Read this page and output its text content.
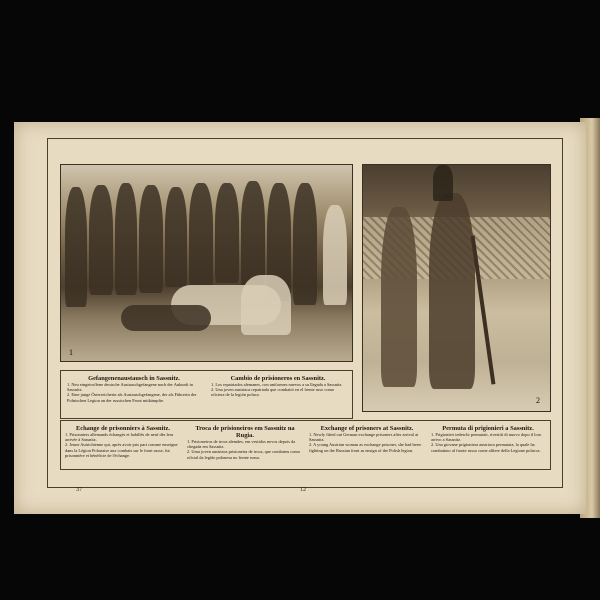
1
2
Gefangenenaustausch in Sassnitz.
1. Neu eingetroffene deutsche Austauschgefangene nach der Ankunft in Sassnitz.
2. Eine junge Österreicherin als Austauschgefangene, der als Führerin der Polnischen Legion an der russischen Front mitkämpfte.
Cambio de prisioneros en Sassnitz.
1. Los repatriados alemanes, con uniformes nuevos a su llegada a Sassnitz.
2. Una joven austriaca repatriada que combatió en el frente ruso como oficiera de la legión polaca.
Echange de prisonniers à Sassnitz.
1. Prisonniers allemands échangés et habillés de neuf dès leur arrivée à Sassnitz.
2. Jeune Autrichienne qui, après avoir pris part comme enseigne dans la Légion Polonaise aux combats sur le front russe, fut prisonnière et bénéficie de l'échange.
Troca de prisioneiros em Sassnitz na Rugia.
1. Prisioneiros de troca alemães, em vestidos novos depois da chegada em Sassnitz.
2. Uma joven austriaca prisioneira de troca, que combateu como oficial da legião polonesa no frente russo.
Exchange of prisoners at Sassnitz.
1. Newly fitted out German exchange prisoners after arrival at Sassnitz.
2. A young Austrian woman as exchange prisoner, she had been fighting on the Russian front as ensign of the Polish legion.
Permuta di prigionieri a Sassnitz.
1. Prigionieri tedeschi permutati, rivestiti di nuovo dopo il loro arrivo a Sassnitz.
2. Una giovane prigioniera austriaca permutata, la quale ha combattuto al fronte russo come alfiere della Legione polacca.
37	12
